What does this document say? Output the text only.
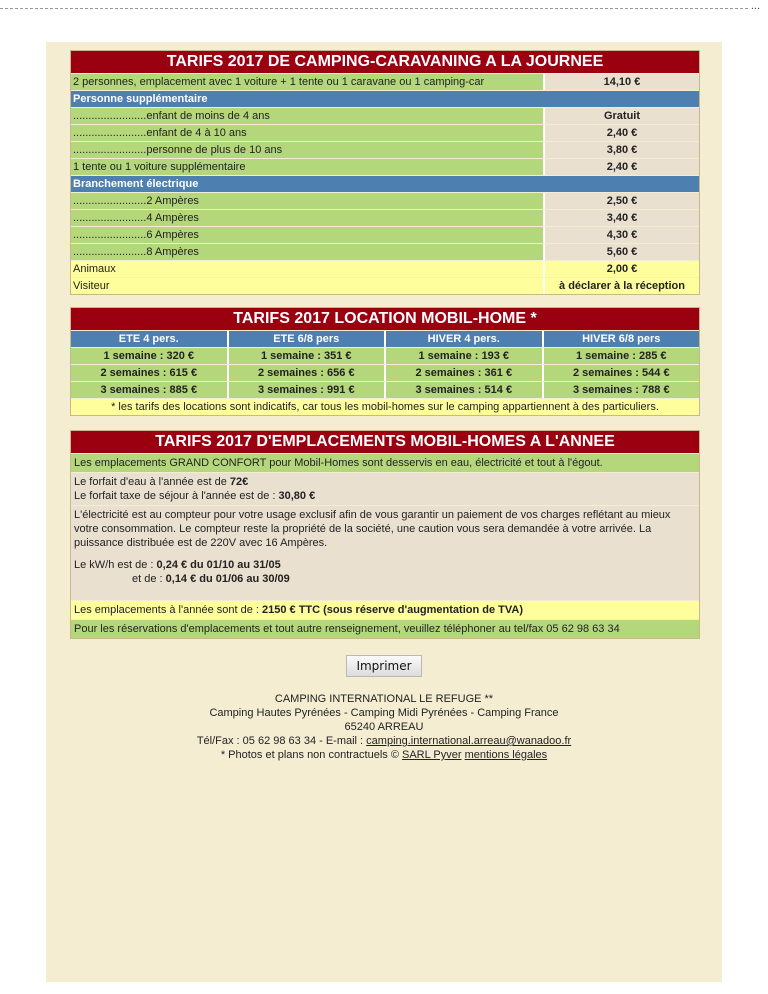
...
TARIFS 2017 DE CAMPING-CARAVANING A LA JOURNEE
2 personnes, emplacement avec 1 voiture + 1 tente ou 1 caravane ou 1 camping-car	14,10 €
Personne supplémentaire
........................enfant de moins de 4 ans	Gratuit
........................enfant de 4 à 10 ans	2,40 €
........................personne de plus de 10 ans	3,80 €
1 tente ou 1 voiture supplémentaire	2,40 €
Branchement électrique
........................2 Ampères	2,50 €
........................4 Ampères	3,40 €
........................6 Ampères	4,30 €
........................8 Ampères	5,60 €
Animaux	2,00 €
Visiteur	à déclarer à la réception
TARIFS 2017 LOCATION MOBIL-HOME *
ETE 4 pers.	ETE 6/8 pers	HIVER 4 pers.	HIVER 6/8 pers
1 semaine : 320 €	1 semaine : 351 €	1 semaine : 193 €	1 semaine : 285 €
2 semaines : 615 €	2 semaines : 656 €	2 semaines : 361 €	2 semaines : 544 €
3 semaines : 885 €	3 semaines : 991 €	3 semaines : 514 €	3 semaines : 788 €
* les tarifs des locations sont indicatifs, car tous les mobil-homes sur le camping appartiennent à des particuliers.
TARIFS 2017 D'EMPLACEMENTS MOBIL-HOMES A L'ANNEE
Les emplacements GRAND CONFORT pour Mobil-Homes sont desservis en eau, électricité et tout à l'égout.
Le forfait d'eau à l'année est de 72€
Le forfait taxe de séjour à l'année est de : 30,80 €
L'électricité est au compteur pour votre usage exclusif afin de vous garantir un paiement de vos charges reflétant au mieux votre consommation. Le compteur reste la propriété de la société, une caution vous sera demandée à votre arrivée. La puissance distribuée est de 220V avec 16 Ampères.
Le kW/h est de : 0,24 € du 01/10 au 31/05
et de : 0,14 € du 01/06 au 30/09
Les emplacements à l'année sont de : 2150 € TTC (sous réserve d'augmentation de TVA)
Pour les réservations d'emplacements et tout autre renseignement, veuillez téléphoner au tel/fax 05 62 98 63 34
Imprimer
CAMPING INTERNATIONAL LE REFUGE **
Camping Hautes Pyrénées - Camping Midi Pyrénées - Camping France
65240 ARREAU
Tél/Fax : 05 62 98 63 34 - E-mail : camping.international.arreau@wanadoo.fr
* Photos et plans non contractuels © SARL Pyver mentions légales
